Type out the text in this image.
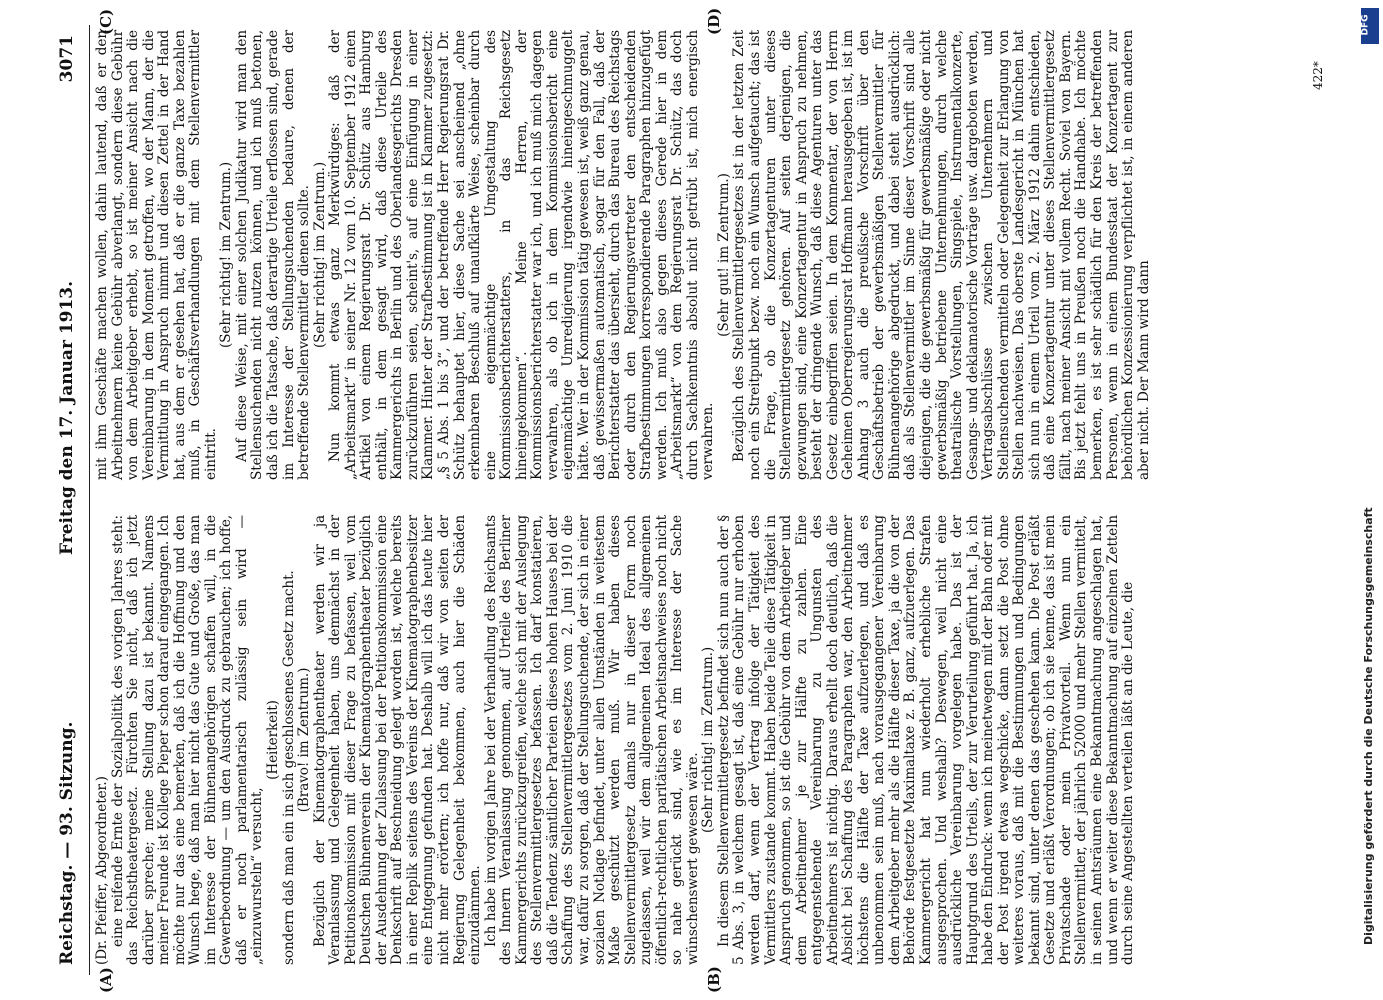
Reichstag. — 93. Sitzung.
Freitag den 17. Januar 1913.
3071

(Dr. Pfeiffer, Abgeordneter.) eine reifende Ernte der Sozialpolitik des vorigen Jahres steht: das Reichstheatergesetz. Fürchten Sie nicht, daß ich jetzt darüber spreche; meine Stellung dazu ist bekannt. Namens meiner Freunde ist Kollege Pieper schon darauf eingegangen. Ich möchte nur das eine bemerken, daß ich die Hoffnung und den Wunsch hege, daß man hier nicht das Gute und Große, das man im Interesse der Bühnenangehörigen schaffen will, in die Gewerbeordnung — um den Ausdruck zu gebrauchen; ich hoffe, daß er noch parlamentarisch zulässig sein wird — „einzuwursteln“ versucht,

(Heiterkeit) sondern daß man ein in sich geschlossenes Gesetz macht. (Bravo! im Zentrum.) Bezüglich der Kinematographentheater werden wir ja Veranlassung und Gelegenheit haben, uns demnächst in der Petitionskommission mit dieser Frage zu befassen, weil vom Deutschen Bühnenverein der Kinematographentheater bezüglich der Ausdehnung der Zulassung bei der Petitionskommission eine Denkschrift auf Beschneidung gelegt worden ist, welche bereits in einer Replik seitens des Vereins der Kinematographenbesitzer eine Entgegnung gefunden hat. Deshalb will ich das heute hier nicht mehr erörtern; ich hoffe nur, daß wir von seiten der Regierung Gelegenheit bekommen, auch hier die Schäden einzudämmen. Ich habe im vorigen Jahre bei der Verhandlung des Reichsamts des Innern Veranlassung genommen, auf Urteile des Berliner Kammergerichts zurückzugreifen, welche sich mit der Auslegung des Stellenvermittlergesetzes befassen. Ich darf konstatieren, daß die Tendenz sämtlicher Parteien dieses hohen Hauses bei der Schaffung des Stellenvermittlergesetzes vom 2. Juni 1910 die war, dafür zu sorgen, daß der Stellungsuchende, der sich in einer sozialen Notlage befindet, unter allen Umständen in weitestem Maße geschützt werden muß. Wir haben dieses Stellenvermittlergesetz damals nur in dieser Form noch zugelassen, weil wir dem allgemeinen Ideal des allgemeinen öffentlich-rechtlichen paritätischen Arbeitsnachweises noch nicht so nahe gerückt sind, wie es im Interesse der Sache wünschenswert gewesen wäre.

(Sehr richtig! im Zentrum.) In diesem Stellenvermittlergesetz befindet sich nun auch der § 5 Abs. 3, in welchem gesagt ist, daß eine Gebühr nur erhoben werden darf, wenn der Vertrag infolge der Tätigkeit des Vermittlers zustande kommt. Haben beide Teile diese Tätigkeit in Anspruch genommen, so ist die Gebühr von dem Arbeitgeber und dem Arbeitnehmer je zur Hälfte zu zahlen. Eine entgegenstehende Vereinbarung zu Ungunsten des Arbeitnehmers ist nichtig. Daraus erhellt doch deutlich, daß die Absicht bei Schaffung des Paragraphen war, den Arbeitnehmer höchstens die Hälfte der Taxe aufzuerlegen, und daß es unbenommen sein muß, nach vorausgegangener Vereinbarung dem Arbeitgeber mehr als die Hälfte dieser Taxe, ja die von der Behörde festgesetzte Maximaltaxe z. B. ganz, aufzuerlegen. Das Kammergericht hat nun wiederholt erhebliche Strafen ausgesprochen. Und weshalb? Deswegen, weil nicht eine ausdrückliche Vereinbarung vorgelegen habe. Das ist der Hauptgrund des Urteils, der zur Verurteilung geführt hat. Ja, ich habe den Eindruck: wenn ich meinetwegen mit der Bahn oder mit der Post irgend etwas wegschicke, dann setzt die Post ohne weiteres voraus, daß mit die Bestimmungen und Bedingungen bekannt sind, unter denen das geschehen kann. Die Post erläßt Gesetze und erläßt Verordnungen; ob ich sie kenne, das ist mein Privatschade oder mein Privatvorteil. Wenn nun ein Stellenvermittler, der jährlich 52000 und mehr Stellen vermittelt, in seinen Amtsräumen eine Bekanntmachung angeschlagen hat, und wenn er weiter diese Bekanntmachung auf einzelnen Zetteln durch seine Angestellten verteilen läßt an die Leute, die

mit ihm Geschäfte machen wollen, dahin lautend, daß er den Arbeitnehmern keine Gebühr abverlangt, sondern diese Gebühr von dem Arbeitgeber erhebt, so ist meiner Ansicht nach die Vereinbarung in dem Moment getroffen, wo der Mann, der die Vermittlung in Anspruch nimmt und diesen Zettel in der Hand hat, aus dem er gesehen hat, daß er die ganze Taxe bezahlen muß, in Geschäftsverhandlungen mit dem Stellenvermittler eintritt.

(Sehr richtig! im Zentrum.) Auf diese Weise, mit einer solchen Judikatur wird man den Stellensuchenden nicht nutzen können, und ich muß betonen, daß ich die Tatsache, daß derartige Urteile erflossen sind, gerade im Interesse der Stellungsuchenden bedaure, denen der betreffende Stellenvermittler dienen sollte. (Sehr richtig! im Zentrum.) Nun kommt etwas ganz Merkwürdiges: daß der „Arbeitsmarkt“ in seiner Nr. 12 vom 10. September 1912 einen Artikel von einem Regierungsrat Dr. Schütz aus Hamburg enthält, in dem gesagt wird, daß diese Urteile des Kammergerichts in Berlin und des Oberlandesgerichts Dresden zurückzuführen seien, scheint's, auf eine Einfügung in einer Klammer. Hinter der Strafbestimmung ist in Klammer zugesetzt: „§ 5 Abs. 1 bis 3“, und der betreffende Herr Regierungsrat Dr. Schütz behauptet hier, diese Sache sei anscheinend „ohne erkennbaren Beschluß auf unaufklärte Weise, scheinbar durch eine eigenmächtige Umgestaltung des Kommissionsberichterstatters, in das Reichsgesetz hineingekommen“. Meine Herren, der Kommissionsberichterstatter war ich, und ich muß mich dagegen verwahren, als ob ich in dem Kommissionsbericht eine eigenmächtige Umredigierung irgendwie hineingeschmuggelt hätte. Wer in der Kommission tätig gewesen ist, weiß ganz genau, daß gewissermaßen automatisch, sogar für den Fall, daß der Berichterstatter das übersieht, durch das Bureau des Reichstags oder durch den Regierungsvertreter den entscheidenden Strafbestimmungen korrespondierende Paragraphen hinzugefügt werden. Ich muß also gegen dieses Gerede hier in dem „Arbeitsmarkt“ von dem Regierungsrat Dr. Schütz, das doch durch Sachkenntnis absolut nicht getrübt ist, mich energisch verwahren.

(Sehr gut! im Zentrum.) Bezüglich des Stellenvermittlergesetzes ist in der letzten Zeit noch ein Streitpunkt bezw. noch ein Wunsch aufgetaucht; das ist die Frage, ob die Konzertagenturen unter dieses Stellenvermittlergesetz gehören. Auf seiten derjenigen, die gezwungen sind, eine Konzertagentur in Anspruch zu nehmen, besteht der dringende Wunsch, daß diese Agenturen unter das Gesetz einbegriffen seien. In dem Kommentar, der von Herrn Geheimen Oberregierungsrat Hoffmann herausgegeben ist, ist im Anhang 3 auch die preußische Vorschrift über den Geschäftsbetrieb der gewerbsmäßigen Stellenvermittler für Bühnenangehörige abgedruckt, und dabei steht ausdrücklich: daß als Stellenvermittler im Sinne dieser Vorschrift sind alle diejenigen, die die gewerbsmäßig für gewerbsmäßige oder nicht gewerbsmäßig betriebene Unternehmungen, durch welche theatralische Vorstellungen, Singspiele, Instrumentalkonzerte, Gesangs- und deklamatorische Vorträge usw. dargeboten werden, Vertragsabschlüsse zwischen Unternehmern und Stellensuchenden vermitteln oder Gelegenheit zur Erlangung von Stellen nachweisen. Das oberste Landesgericht in München hat sich nun in einem Urteil vom 2. März 1912 dahin entschieden, daß eine Konzertagentur unter dieses Stellenvermittlergesetz fällt, nach meiner Ansicht mit vollem Recht. Soviel von Bayern. Bis jetzt fehlt uns in Preußen noch die Handhabe. Ich möchte bemerken, es ist sehr schädlich für den Kreis der betreffenden Personen, wenn in einem Bundesstaat der Konzertagent zur behördlichen Konzessionierung verpflichtet ist, in einem anderen aber nicht. Der Mann wird dann

(A)	(B)
(C)	(D)
422*
DFG
Digitalisierung gefördert durch die Deutsche Forschungsgemeinschaft
